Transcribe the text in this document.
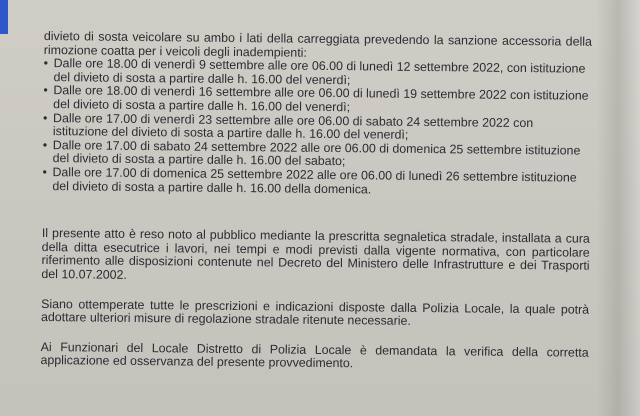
divieto di sosta veicolare su ambo i lati della carreggiata prevedendo la sanzione accessoria della rimozione coatta per i veicoli degli inadempienti:

• Dalle ore 18.00 di venerdì 9 settembre alle ore 06.00 di lunedì 12 settembre 2022, con istituzione del divieto di sosta a partire dalle h. 16.00 del venerdì;
• Dalle ore 18.00 di venerdì 16 settembre alle ore 06.00 di lunedì 19 settembre 2022 con istituzione del divieto di sosta a partire dalle h. 16.00 del venerdì;
• Dalle ore 17.00 di venerdì 23 settembre alle ore 06.00 di sabato 24 settembre 2022 con istituzione del divieto di sosta a partire dalle h. 16.00 del venerdì;
• Dalle ore 17.00 di sabato 24 settembre 2022 alle ore 06.00 di domenica 25 settembre istituzione del divieto di sosta a partire dalle h. 16.00 del sabato;
• Dalle ore 17.00 di domenica 25 settembre 2022 alle ore 06.00 di lunedì 26 settembre istituzione del divieto di sosta a partire dalle h. 16.00 della domenica.

Il presente atto è reso noto al pubblico mediante la prescritta segnaletica stradale, installata a cura della ditta esecutrice i lavori, nei tempi e modi previsti dalla vigente normativa, con particolare riferimento alle disposizioni contenute nel Decreto del Ministero delle Infrastrutture e dei Trasporti del 10.07.2002.

Siano ottemperate tutte le prescrizioni e indicazioni disposte dalla Polizia Locale, la quale potrà adottare ulteriori misure di regolazione stradale ritenute necessarie.

Ai Funzionari del Locale Distretto di Polizia Locale è demandata la verifica della corretta applicazione ed osservanza del presente provvedimento.
